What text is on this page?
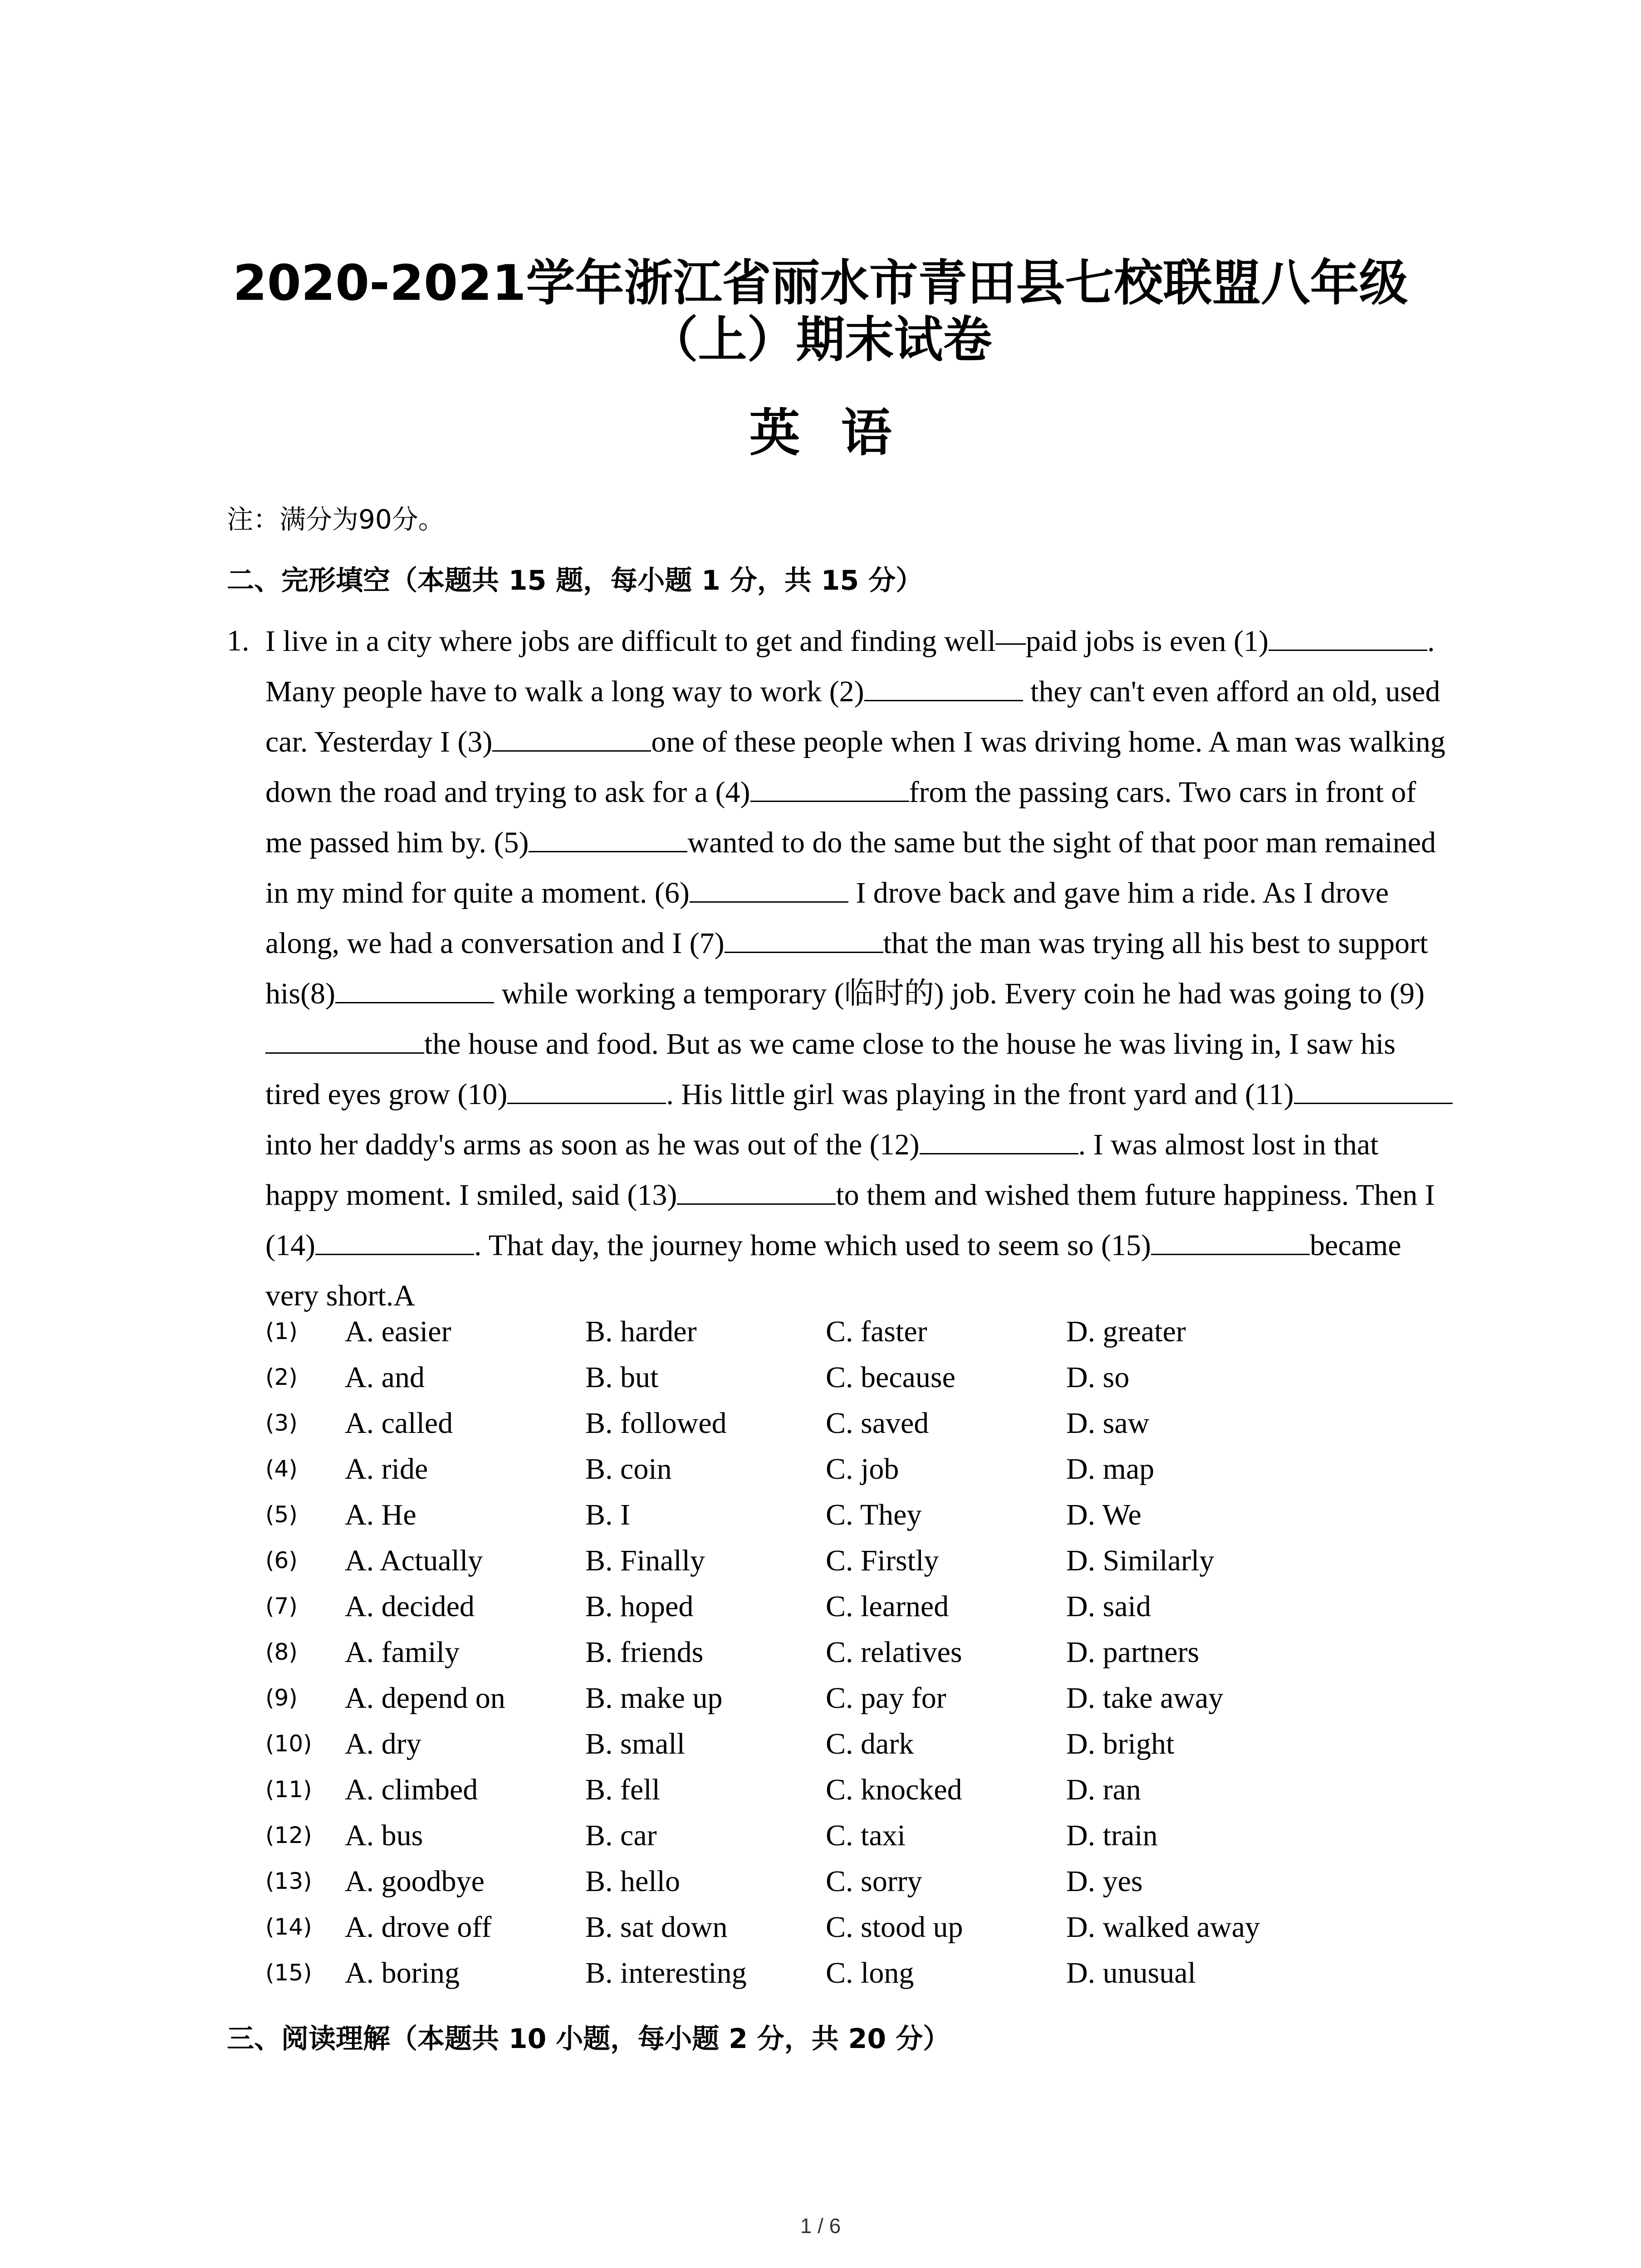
2020-2021学年浙江省丽水市青田县七校联盟八年级
（上）期末试卷
英语
注：满分为90分。
二、完形填空（本题共 15 题，每小题 1 分，共 15 分）
1. I live in a city where jobs are difficult to get and finding well—paid jobs is even (1)	. Many people have to walk a long way to work (2)	they can't even afford an old, used car. Yesterday I (3)	one of these people when I was driving home. A man was walking down the road and trying to ask for a (4)	from the passing cars. Two cars in front of me passed him by. (5)	wanted to do the same but the sight of that poor man remained in my mind for quite a moment. (6)	I drove back and gave him a ride. As I drove along, we had a conversation and I (7)	that the man was trying all his best to support his(8)	while working a temporary (临时的) job. Every coin he had was going to (9)the house and food. But as we came close to the house he was living in, I saw his tired eyes grow (10)	. His little girl was playing in the front yard and (11)into her daddy's arms as soon as he was out of the (12)	. I was almost lost in that happy moment. I smiled, said (13)	to them and wished them future happiness. Then I (14)	. That day, the journey home which used to seem so (15)	became very short.A
(1) A. easier	B. harder	C. faster	D. greater
(2) A. and	B. but	C. because	D. so
(3) A. called	B. followed	C. saved	D. saw
(4) A. ride	B. coin	C. job	D. map
(5) A. He	B. I	C. They	D. We
(6) A. Actually	B. Finally	C. Firstly	D. Similarly
(7) A. decided	B. hoped	C. learned	D. said
(8) A. family	B. friends	C. relatives	D. partners
(9) A. depend on	B. make up	C. pay for	D. take away
(10) A. dry	B. small	C. dark	D. bright
(11) A. climbed	B. fell	C. knocked	D. ran
(12) A. bus	B. car	C. taxi	D. train
(13) A. goodbye	B. hello	C. sorry	D. yes
(14) A. drove off	B. sat down	C. stood up	D. walked away
(15) A. boring	B. interesting	C. long	D. unusual
三、阅读理解（本题共 10 小题，每小题 2 分，共 20 分）
1 / 6
